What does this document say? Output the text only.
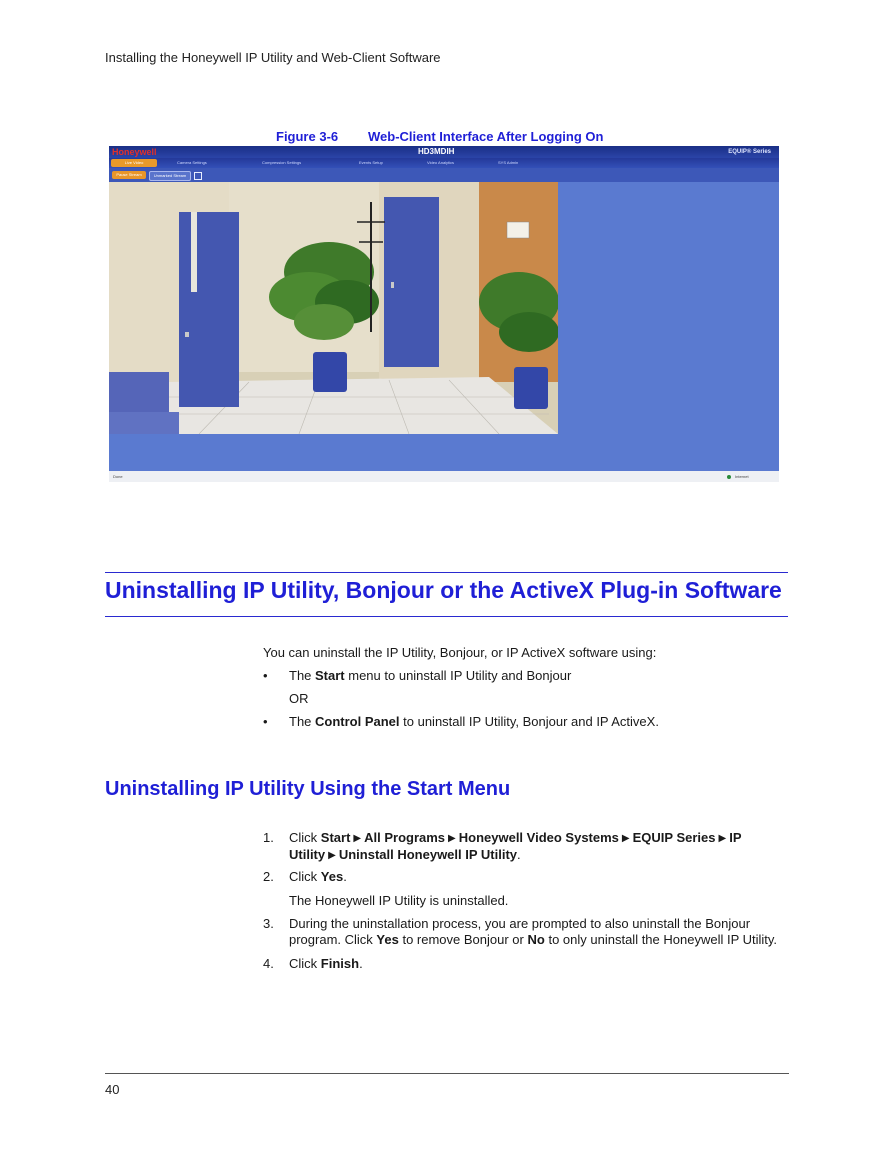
Installing the Honeywell IP Utility and Web-Client Software
Figure 3-6 Web-Client Interface After Logging On
Honeywell	HD3MDIH	EQUIP® Series
Live Video	Camera Settings	Compression Settings	Events Setup	Video Analytics	SYS Admin
Pause Stream	Unmarked Stream
Done	Internet
Uninstalling IP Utility, Bonjour or the ActiveX Plug-in Software
You can uninstall the IP Utility, Bonjour, or IP ActiveX software using:
• The Start menu to uninstall IP Utility and Bonjour
OR
• The Control Panel to uninstall IP Utility, Bonjour and IP ActiveX.
Uninstalling IP Utility Using the Start Menu
1. Click Start ▶ All Programs ▶ Honeywell Video Systems ▶ EQUIP Series ▶ IP Utility ▶ Uninstall Honeywell IP Utility.
2. Click Yes.
The Honeywell IP Utility is uninstalled.
3. During the uninstallation process, you are prompted to also uninstall the Bonjour program. Click Yes to remove Bonjour or No to only uninstall the Honeywell IP Utility.
4. Click Finish.
40
